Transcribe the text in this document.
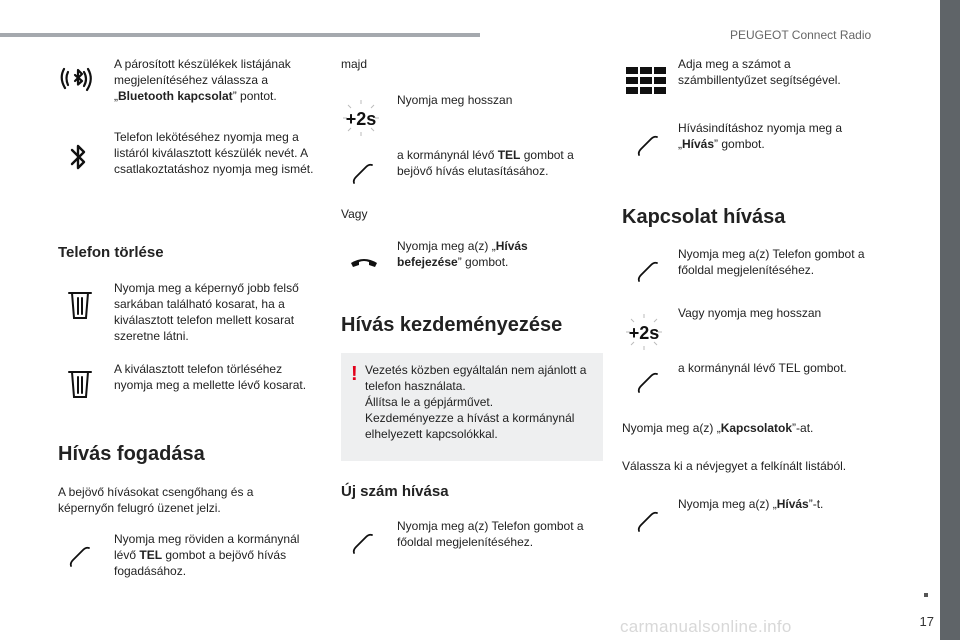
PEUGEOT Connect Radio
A párosított készülékek listájának megjelenítéséhez válassza a „Bluetooth kapcsolat” pontot.
Telefon lekötéséhez nyomja meg a listáról kiválasztott készülék nevét. A csatlakoztatáshoz nyomja meg ismét.
Telefon törlése
Nyomja meg a képernyő jobb felső sarkában található kosarat, ha a kiválasztott telefon mellett kosarat szeretne látni.
A kiválasztott telefon törléséhez nyomja meg a mellette lévő kosarat.
Hívás fogadása
A bejövő hívásokat csengőhang és a képernyőn felugró üzenet jelzi.
Nyomja meg röviden a kormánynál lévő TEL gombot a bejövő hívás fogadásához.
majd
+2s
Nyomja meg hosszan
a kormánynál lévő TEL gombot a bejövő hívás elutasításához.
Vagy
Nyomja meg a(z) „Hívás befejezése” gombot.
Hívás kezdeményezése
! Vezetés közben egyáltalán nem ajánlott a telefon használata.
Állítsa le a gépjárművet.
Kezdeményezze a hívást a kormánynál elhelyezett kapcsolókkal.
Új szám hívása
Nyomja meg a(z) Telefon gombot a főoldal megjelenítéséhez.
Adja meg a számot a számbillentyűzet segítségével.
Hívásindításhoz nyomja meg a „Hívás” gombot.
Kapcsolat hívása
Nyomja meg a(z) Telefon gombot a főoldal megjelenítéséhez.
+2s
Vagy nyomja meg hosszan
a kormánynál lévő TEL gombot.
Nyomja meg a(z) „Kapcsolatok”-at.
Válassza ki a névjegyet a felkínált listából.
Nyomja meg a(z) „Hívás”-t.
17
carmanualsonline.info
